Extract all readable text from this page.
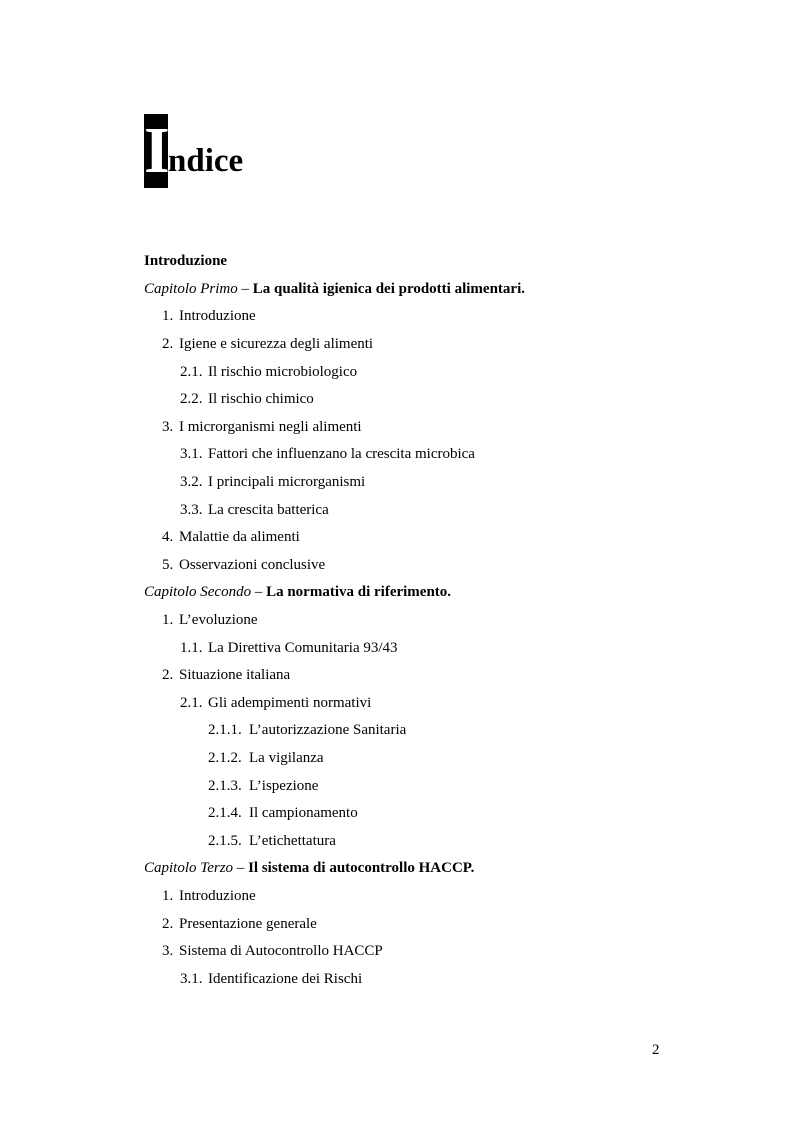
I
ndice
Introduzione
Capitolo Primo – La qualità igienica dei prodotti alimentari.
1. Introduzione
2. Igiene e sicurezza degli alimenti
2.1. Il rischio microbiologico
2.2. Il rischio chimico
3. I microrganismi negli alimenti
3.1. Fattori che influenzano la crescita microbica
3.2. I principali microrganismi
3.3. La crescita batterica
4. Malattie da alimenti
5. Osservazioni conclusive
Capitolo Secondo – La normativa di riferimento.
1. L’evoluzione
1.1. La Direttiva Comunitaria 93/43
2. Situazione italiana
2.1. Gli adempimenti normativi
2.1.1. L’autorizzazione Sanitaria
2.1.2. La vigilanza
2.1.3. L’ispezione
2.1.4. Il campionamento
2.1.5. L’etichettatura
Capitolo Terzo – Il sistema di autocontrollo HACCP.
1. Introduzione
2. Presentazione generale
3. Sistema di Autocontrollo HACCP
3.1. Identificazione dei Rischi
2
